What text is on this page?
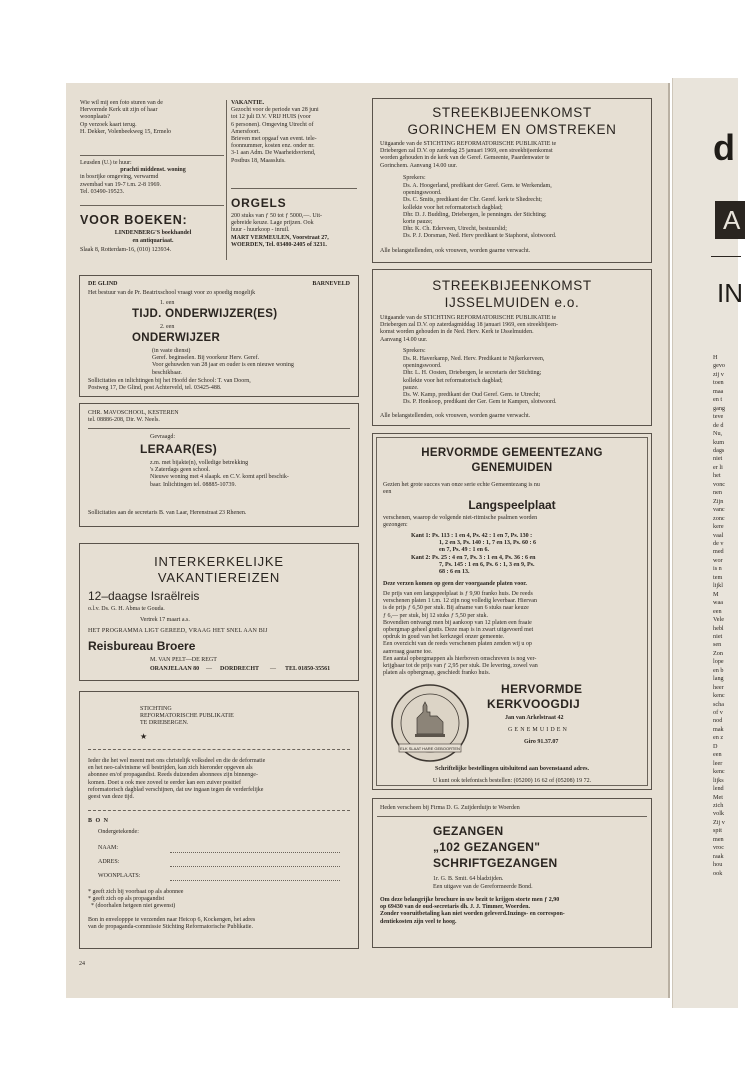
Wie wil mij een foto sturen van de
Hervormde Kerk uit zijn of haar
woonplaats?
Op verzoek kaart terug.
H. Dekker, Volenbeekweg 15, Ermelo
Leusden (U.) te huur:
prachti middenst. woning
in bosrijke omgeving, verwarmd
zwembad van 19-7 t.m. 2-8 1969.
Tel. 03490-19523.
VOOR BOEKEN:
LINDENBERG'S boekhandel
en antiquariaat.
Slaak 8, Rotterdam-16, (010) 123934.
VAKANTIE.
Gezocht voor de periode van 28 juni
tot 12 juli D.V. VRIJ HUIS (voor
6 personen). Omgeving Utrecht of
Amersfoort.
Brieven met opgaaf van event. tele-
foonnummer, kosten enz. onder nr.
3-1 aan Adm. De Waarheidsvriend,
Postbus 18, Maassluis.
ORGELS
200 stuks van ƒ 50 tot ƒ 5000,—. Uit-
gebreide keuze. Lage prijzen. Ook
huur - huurkoop - inruil.
MART VERMEULEN, Voorstraat 27,
WOERDEN, Tel. 03480-2405 of 3231.
DE GLIND	BARNEVELD
Het bestuur van de Pr. Beatrixschool vraagt voor zo spoedig mogelijk
1. een
TIJD. ONDERWIJZER(ES)
2. een
ONDERWIJZER
(in vaste dienst)
Geref. beginselen. Bij voorkeur Herv. Geref.
Voor gehuwden van 28 jaar en ouder is een nieuwe woning
beschikbaar.
Sollicitaties en inlichtingen bij het Hoofd der School: T. van Doorn,
Postweg 17, De Glind, post Achterveld, tel. 03425-488.
CHR. MAVOSCHOOL, KESTEREN
tel. 08886-208, Dir. W. Neels.
Gevraagd:
LERAAR(ES)
z.m. met bijakte(n), volledige betrekking
's Zaterdags geen school.
Nieuwe woning met 4 slaapk. en C.V. komt april beschik-
baar. Inlichtingen tel. 08885-10739.
Sollicitaties aan de secretaris B. van Laar, Herenstraat 23 Rhenen.
INTERKERKELIJKE
VAKANTIEREIZEN
12–daagse Israëlreis
o.l.v. Ds. G. H. Abma te Gouda.
Vertrek 17 maart a.s.
HET PROGRAMMA LIGT GEREED, VRAAG HET SNEL AAN BIJ
Reisbureau Broere
M. VAN PELT—DE REGT
ORANJELAAN 80 — DORDRECHT — TEL 01850-35561
STICHTING
REFORMATORISCHE PUBLIKATIE
TE DRIEBERGEN.
★
Ieder die het wel meent met ons christelijk volksdeel en die de deformatie
en het neo-calvinisme wil bestrijden, kan zich hieronder opgeven als
abonnee en/of propagandist. Reeds duizenden abonnees zijn binnenge-
komen. Doet u ook mee zoveel te eerder kan een zuiver positief
reformatorisch dagblad verschijnen, dat uw ingaan tegen de verderfelijke
geest van deze tijd.
B O N
Ondergetekende:
NAAM:
ADRES:
WOONPLAATS:
* geeft zich bij voorbaat op als abonnee
* geeft zich op als propagandist
* (doorhalen hetgeen niet gewenst)
Bon in envelopppe te verzenden naar Heicop 6, Kockengen, het adres
van de propaganda-commissie Stichting Reformatorische Publikatie.
24
STREEKBIJEENKOMST
GORINCHEM EN OMSTREKEN
Uitgaande van de STICHTING REFORMATORISCHE PUBLIKATIE te
Driebergen zal D.V. op zaterdag 25 januari 1969, een streekbijeenkomst
worden gehouden in de kerk van de Geref. Gemeente, Paardenwater te
Gorinchem. Aanvang 14.00 uur.
Sprekers:
Ds. A. Hoogerland, predikant der Geref. Gem. te Werkendam,
openingswoord.
Ds. C. Smits, predikant der Chr. Geref. kerk te Sliedrecht;
kollekte voor het reformatorisch dagblad;
Dhr. D. J. Budding, Driebergen, le penningm. der Stichting;
korte pauze;
Dhr. K. Ch. Ederveen, Utrecht, bestuurslid;
Ds. P. J. Dorsman, Ned. Herv predikant te Staphorst, slotwoord.
Alle belangstellenden, ook vrouwen, worden gaarne verwacht.
STREEKBIJEENKOMST
IJSSELMUIDEN e.o.
Uitgaande van de STICHTING REFORMATORISCHE PUBLIKATIE te
Driebergen zal D.V. op zaterdagmiddag 18 januari 1969, een streekbijeen-
komst worden gehouden in de Ned. Herv. Kerk te IJsselmuiden.
Aanvang 14.00 uur.
Sprekers:
Ds. R. Haverkamp, Ned. Herv. Predikant te Nijkerkerveen,
openingswoord.
Dhr. L. H. Oosten, Driebergen, le secretaris der Stichting;
kollekte voor het reformatorisch dagblad;
pauze.
Ds. W. Kamp, predikant der Oud Geref. Gem. te Utrecht;
Ds. P. Honkoop, predikant der Ger. Gem te Kampen, slotwoord.
Alle belangstellenden, ook vrouwen, worden gaarne verwacht.
HERVORMDE GEMEENTEZANG
GENEMUIDEN
Gezien het grote succes van onze serie echte Gemeentezang is nu
een
Langspeelplaat
verschenen, waarop de volgende niet-ritmische psalmen worden
gezongen:
Kant 1: Ps. 113 : 1 en 4, Ps. 42 : 1 en 7, Ps. 130 :
1, 2 en 3, Ps. 140 : 1, 7 en 13, Ps. 60 : 6
en 7, Ps. 49 : 1 en 6.
Kant 2: Ps. 25 : 4 en 7, Ps. 3 : 1 en 4, Ps. 36 : 6 en
7, Ps. 145 : 1 en 6, Ps. 6 : 1, 3 en 9, Ps.
68 : 6 en 13.
Deze verzen komen op geen der voorgaande platen voor.
De prijs van een langspeelplaat is ƒ 9,90 franko huis. De reeds
verschenen platen 1 t.m. 12 zijn nog volledig leverbaar. Hiervan
is de prijs ƒ 6,50 per stuk. Bij afname van 6 stuks naar keuze
ƒ 6,— per stuk, bij 12 stuks ƒ 5,50 per stuk.
Bovendien ontvangt men bij aankoop van 12 platen een fraaie
opbergmap geheel gratis. Deze map is in zwart uitgevoerd met
opdruk in goud van het kerkzegel onzer gemeente.
Een overzicht van de reeds verschenen platen zenden wij u op
aanvraag gaarne toe.
Een aantal opbergmappen als hierboven omschreven is nog ver-
krijgbaar tot de prijs van ƒ 2,95 per stuk. De levering, zowel van
platen als opbergmap, geschiedt franko huis.
ELK SLAAT HARE GEBOORTEN
HERVORMDE
KERKVOOGDIJ
Jan van Arkelstraat 42
G E N E M U I D E N
Giro 91.37.07
Schriftelijke bestellingen uitsluitend aan bovenstaand adres.
U kunt ook telefonisch bestellen: (05200) 16 62 of (05208) 19 72.
Heden verscheen bij Firma D. G. Zuijderduijn te Woerden
GEZANGEN
„102 GEZANGEN"
SCHRIFTGEZANGEN
1r. G. B. Smit. 64 bladzijden.
Een uitgave van de Gereformeerde Bond.
Om deze belangrijke brochure in uw bezit te krijgen storte men ƒ 2,90
op 69430 van de oud-secretaris dh. J. J. Timmer, Woerden.
Zonder vooruitbetaling kan niet worden geleverd.Inzings- en correspon-
dentiekosten zijn veel te hoog.
d
A
IN
H
gevo
zij v
toen
maa
en t
gang
teve
de d
Nu,
kum
dags
niet
er li
het
vonc
nen
Zijn
vanc
zonc
kere
vaal
de v
med
wor
is n
tem
lijkl
M
waa
een
Vele
hebl
niet
sen
Zon
lope
en b
lang
heer
kenc
scha
of v
nod
mak
en z
D
een
leer
kenc
lijks
lend
Met
zich
volk
Zij v
spit
men
vroc
raak
hou
ook
